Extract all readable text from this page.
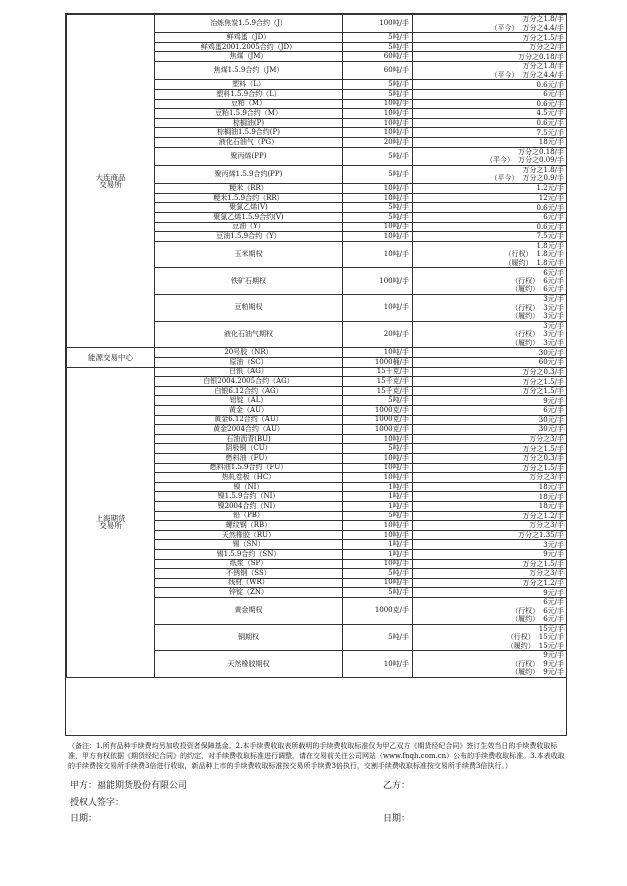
大连商品
交易所	冶炼焦炭1.5.9合约（J）	100吨/手	万分之1.8/手
（平今） 万分之4.4/手

	鲜鸡蛋（JD）	5吨/手	万分之1.5/手

	鲜鸡蛋2001.2005合约（JD）	5吨/手	万分之2/手

	焦煤（JM）	60吨/手	万分之0.18/手

	焦煤1.5.9合约（JM）	60吨/手	万分之1.8/手
（平今） 万分之4.4/手

	塑料（L）	5吨/手	0.6元/手

	塑料1.5.9合约（L）	5吨/手	6元/手

	豆粕（M）	10吨/手	0.6元/手

	豆粕1.5.9合约（M）	10吨/手	4.5元/手

	棕榈油(P)	10吨/手	0.6元/手

	棕榈油1.5.9合约(P)	10吨/手	7.5元/手

	液化石油气（PG）	20吨/手	18元/手

	聚丙烯(PP)	5吨/手	万分之0.18/手
（平今） 万分之0.09/手

	聚丙烯1.5.9合约(PP)	5吨/手	万分之1.8/手
（平今） 万分之0.9/手

	粳米（RR）	10吨/手	1.2元/手

	粳米1.5.9合约（RR）	10吨/手	12元/手

	聚氯乙烯(V)	5吨/手	0.6元/手

	聚氯乙烯1.5.9合约(V)	5吨/手	6元/手

	豆油（Y）	10吨/手	0.6元/手

	豆油1.5.9合约（Y）	10吨/手	7.5元/手

	玉米期权	10吨/手	1.8元/手
（行权） 1.8元/手
（履约） 1.8元/手

	铁矿石期权	100吨/手	6元/手
（行权） 6元/手
（履约） 6元/手

	豆粕期权	10吨/手	3元/手
（行权） 3元/手
（履约） 3元/手

	液化石油气期权	20吨/手	3元/手
（行权） 3元/手
（履约） 3元/手

能源交易中心	20号胶（NR）	10吨/手	30元/手

	原油（SC）	1000桶/手	60元/手

上海期货
交易所	白银（AG）	15千克/手	万分之0.3/手

	白银2004.2005合约（AG）	15千克/手	万分之1.5/手

	白银6.12合约（AG）	15千克/手	万分之1.5/手

	铝锭（AL）	5吨/手	9元/手

	黄金（AU）	1000克/手	6元/手

	黄金6.12合约（AU）	1000克/手	30元/手

	黄金2004合约（AU）	1000克/手	30元/手

	石油沥青(BU)	10吨/手	万分之3/手

	阴极铜（CU）	5吨/手	万分之1.5/手

	燃料油（FU）	10吨/手	万分之0.3/手

	燃料油1.5.9合约（FU）	10吨/手	万分之1.5/手

	热轧卷板（HC）	10吨/手	万分之3/手

	镍（NI）	1吨/手	18元/手

	镍1.5.9合约（NI）	1吨/手	18元/手

	镍2004合约（NI）	1吨/手	18元/手

	铅（PB）	5吨/手	万分之1.2/手

	螺纹钢（RB）	10吨/手	万分之3/手

	天然橡胶（RU）	10吨/手	万分之1.35/手

	锡（SN）	1吨/手	3元/手

	锡1.5.9合约（SN）	1吨/手	9元/手

	纸浆（SP）	10吨/手	万分之1.5/手

	不锈钢（SS）	5吨/手	万分之3/手

	线材（WR）	10吨/手	万分之1.2/手

	锌锭（ZN）	5吨/手	9元/手

	黄金期权	1000克/手	6元/手
（行权） 6元/手
（履约） 6元/手

	铜期权	5吨/手	15元/手
（行权） 15元/手
（履约） 15元/手

	天然橡胶期权	10吨/手	9元/手
（行权） 9元/手
（履约） 9元/手
（备注：1.所有品种手续费均另加收投资者保障基金。2.本手续费收取表所载明的手续费收取标准仅为甲乙双方《期货经纪合同》签订生效当日的手续费收取标准，甲方有权依据《期货经纪合同》的约定，对手续费收取标准进行调整，请在交易前关注公司网站（www.fnqh.com.cn）公布的手续费收取标准。3.本表收取的手续费按交易所手续费3倍进行收取，新品种上市的手续费收取标准按交易所手续费3倍执行，交割手续费收取标准按交易所手续费3倍执行。）
甲方：福能期货股份有限公司	乙方：
授权人签字：
日期：	日期：
